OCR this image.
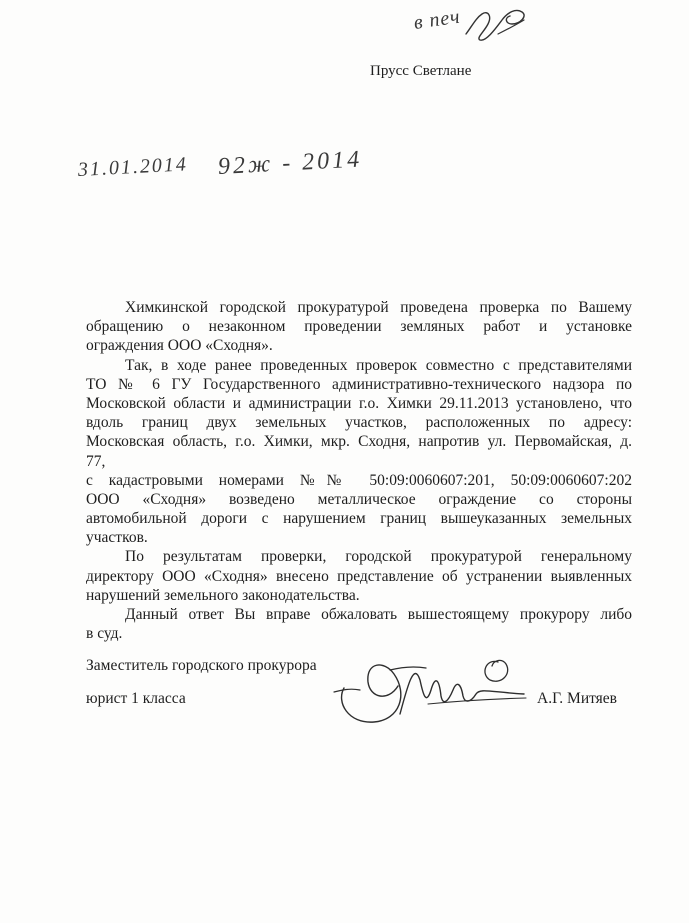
в печ
Прусс Светлане
31.01.2014 92ж - 2014
Химкинской городской прокуратурой проведена проверка по Вашему
обращению о незаконном проведении земляных работ и установке
ограждения ООО «Сходня».
Так, в ходе ранее проведенных проверок совместно с представителями
ТО № 6 ГУ Государственного административно-технического надзора по
Московской области и администрации г.о. Химки 29.11.2013 установлено, что
вдоль границ двух земельных участков, расположенных по адресу:
Московская область, г.о. Химки, мкр. Сходня, напротив ул. Первомайская, д.
77,
с кадастровыми номерами №№ 50:09:0060607:201, 50:09:0060607:202
ООО «Сходня» возведено металлическое ограждение со стороны
автомобильной дороги с нарушением границ вышеуказанных земельных
участков.
По результатам проверки, городской прокуратурой генеральному
директору ООО «Сходня» внесено представление об устранении выявленных
нарушений земельного законодательства.
Данный ответ Вы вправе обжаловать вышестоящему прокурору либо
в суд.
Заместитель городского прокурора
юрист 1 класса	А.Г. Митяев
